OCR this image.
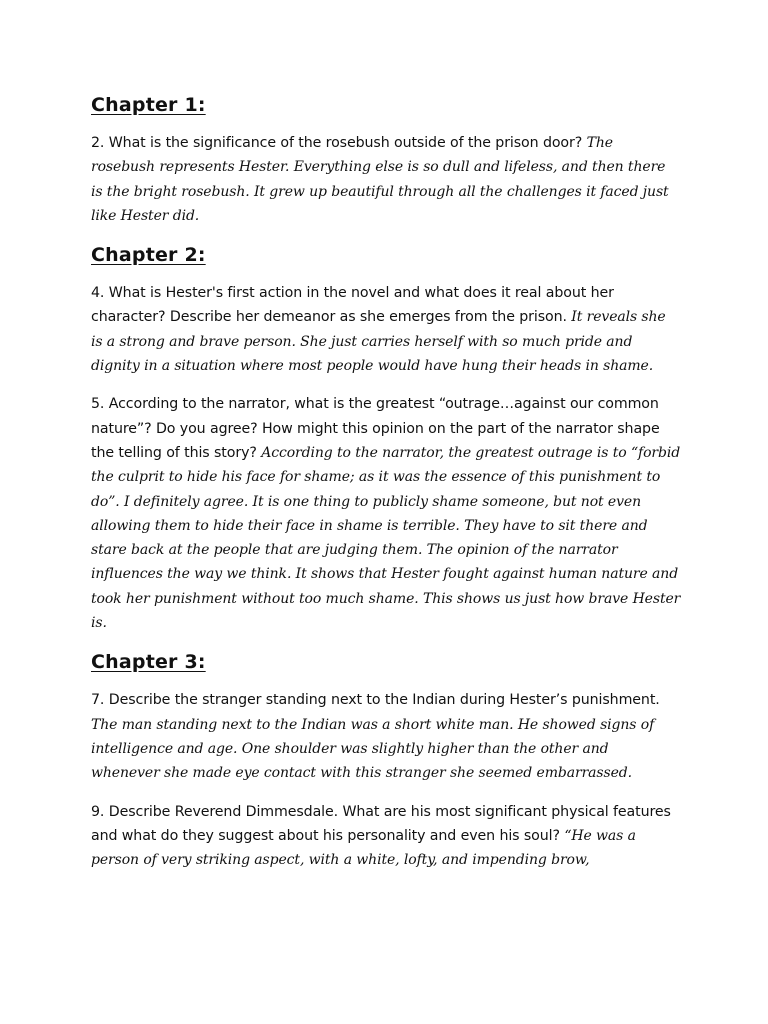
Chapter 1:

2. What is the significance of the rosebush outside of the prison door? The rosebush represents Hester. Everything else is so dull and lifeless, and then there is the bright rosebush. It grew up beautiful through all the challenges it faced just like Hester did.

Chapter 2:

4. What is Hester's first action in the novel and what does it real about her character? Describe her demeanor as she emerges from the prison. It reveals she is a strong and brave person. She just carries herself with so much pride and dignity in a situation where most people would have hung their heads in shame.

5. According to the narrator, what is the greatest “outrage…against our common nature”? Do you agree? How might this opinion on the part of the narrator shape the telling of this story? According to the narrator, the greatest outrage is to “forbid the culprit to hide his face for shame; as it was the essence of this punishment to do”. I definitely agree. It is one thing to publicly shame someone, but not even allowing them to hide their face in shame is terrible. They have to sit there and stare back at the people that are judging them. The opinion of the narrator influences the way we think. It shows that Hester fought against human nature and took her punishment without too much shame. This shows us just how brave Hester is.

Chapter 3:

7. Describe the stranger standing next to the Indian during Hester’s punishment. The man standing next to the Indian was a short white man. He showed signs of intelligence and age. One shoulder was slightly higher than the other and whenever she made eye contact with this stranger she seemed embarrassed.

9. Describe Reverend Dimmesdale. What are his most significant physical features and what do they suggest about his personality and even his soul? “He was a person of very striking aspect, with a white, lofty, and impending brow,
